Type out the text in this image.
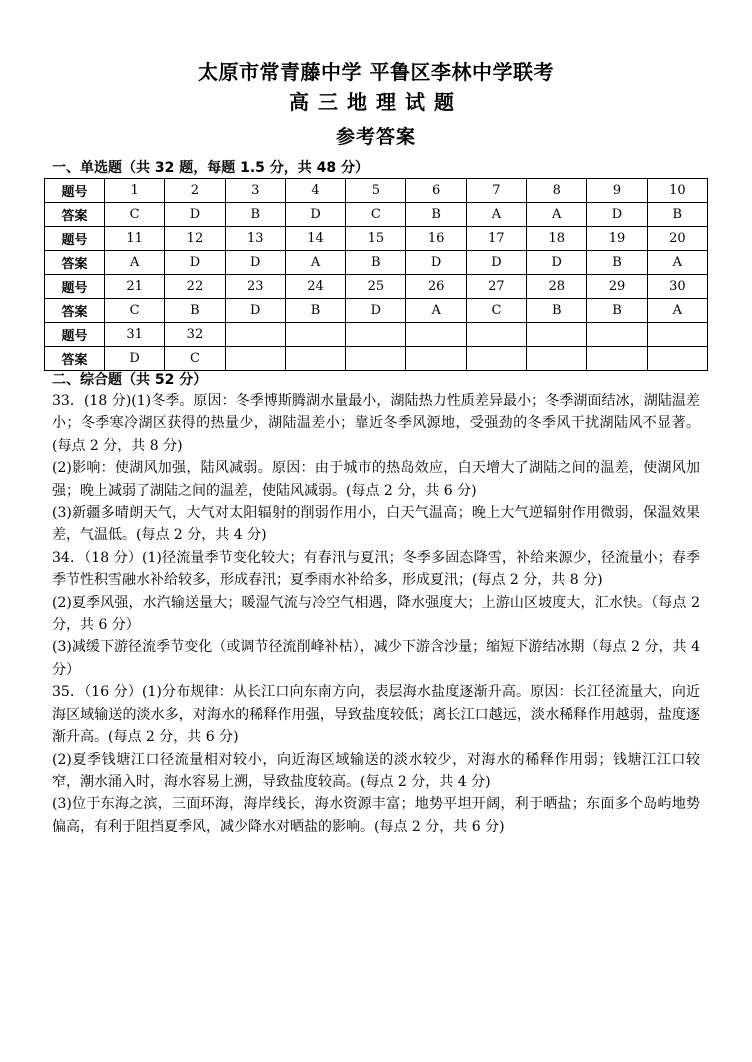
太原市常青藤中学 平鲁区李林中学联考
高三地理试题
参考答案
一、单选题（共 32 题，每题 1.5 分，共 48 分）
题号	1	2	3	4	5	6	7	8	9	10
答案	C	D	B	D	C	B	A	A	D	B
题号	11	12	13	14	15	16	17	18	19	20
答案	A	D	D	A	B	D	D	D	B	A
题号	21	22	23	24	25	26	27	28	29	30
答案	C	B	D	B	D	A	C	B	B	A
题号	31	32								
答案	D	C								
二、综合题（共 52 分）

33．(18 分)(1)冬季。原因：冬季博斯腾湖水量最小，湖陆热力性质差异最小；冬季湖面结冰，湖陆温差小；冬季寒冷湖区获得的热量少，湖陆温差小；靠近冬季风源地，受强劲的冬季风干扰湖陆风不显著。(每点 2 分，共 8 分)

(2)影响：使湖风加强，陆风减弱。原因：由于城市的热岛效应，白天增大了湖陆之间的温差，使湖风加强；晚上减弱了湖陆之间的温差，使陆风减弱。(每点 2 分，共 6 分)

(3)新疆多晴朗天气，大气对太阳辐射的削弱作用小，白天气温高；晚上大气逆辐射作用微弱，保温效果差，气温低。(每点 2 分，共 4 分)

34．（18 分）(1)径流量季节变化较大；有春汛与夏汛；冬季多固态降雪，补给来源少，径流量小；春季季节性积雪融水补给较多，形成春汛；夏季雨水补给多，形成夏汛；(每点 2 分，共 8 分)

(2)夏季风强，水汽输送量大；暖湿气流与冷空气相遇，降水强度大；上游山区坡度大，汇水快。（每点 2 分，共 6 分）

(3)减缓下游径流季节变化（或调节径流削峰补枯），减少下游含沙量；缩短下游结冰期（每点 2 分，共 4 分）

35．（16 分）(1)分布规律：从长江口向东南方向，表层海水盐度逐渐升高。原因：长江径流量大，向近海区域输送的淡水多，对海水的稀释作用强，导致盐度较低；离长江口越远，淡水稀释作用越弱，盐度逐渐升高。(每点 2 分，共 6 分)

(2)夏季钱塘江口径流量相对较小，向近海区域输送的淡水较少，对海水的稀释作用弱；钱塘江江口较窄，潮水涌入时，海水容易上溯，导致盐度较高。(每点 2 分，共 4 分)

(3)位于东海之滨，三面环海，海岸线长，海水资源丰富；地势平坦开阔，利于晒盐；东面多个岛屿地势偏高，有利于阻挡夏季风，减少降水对晒盐的影响。(每点 2 分，共 6 分)
